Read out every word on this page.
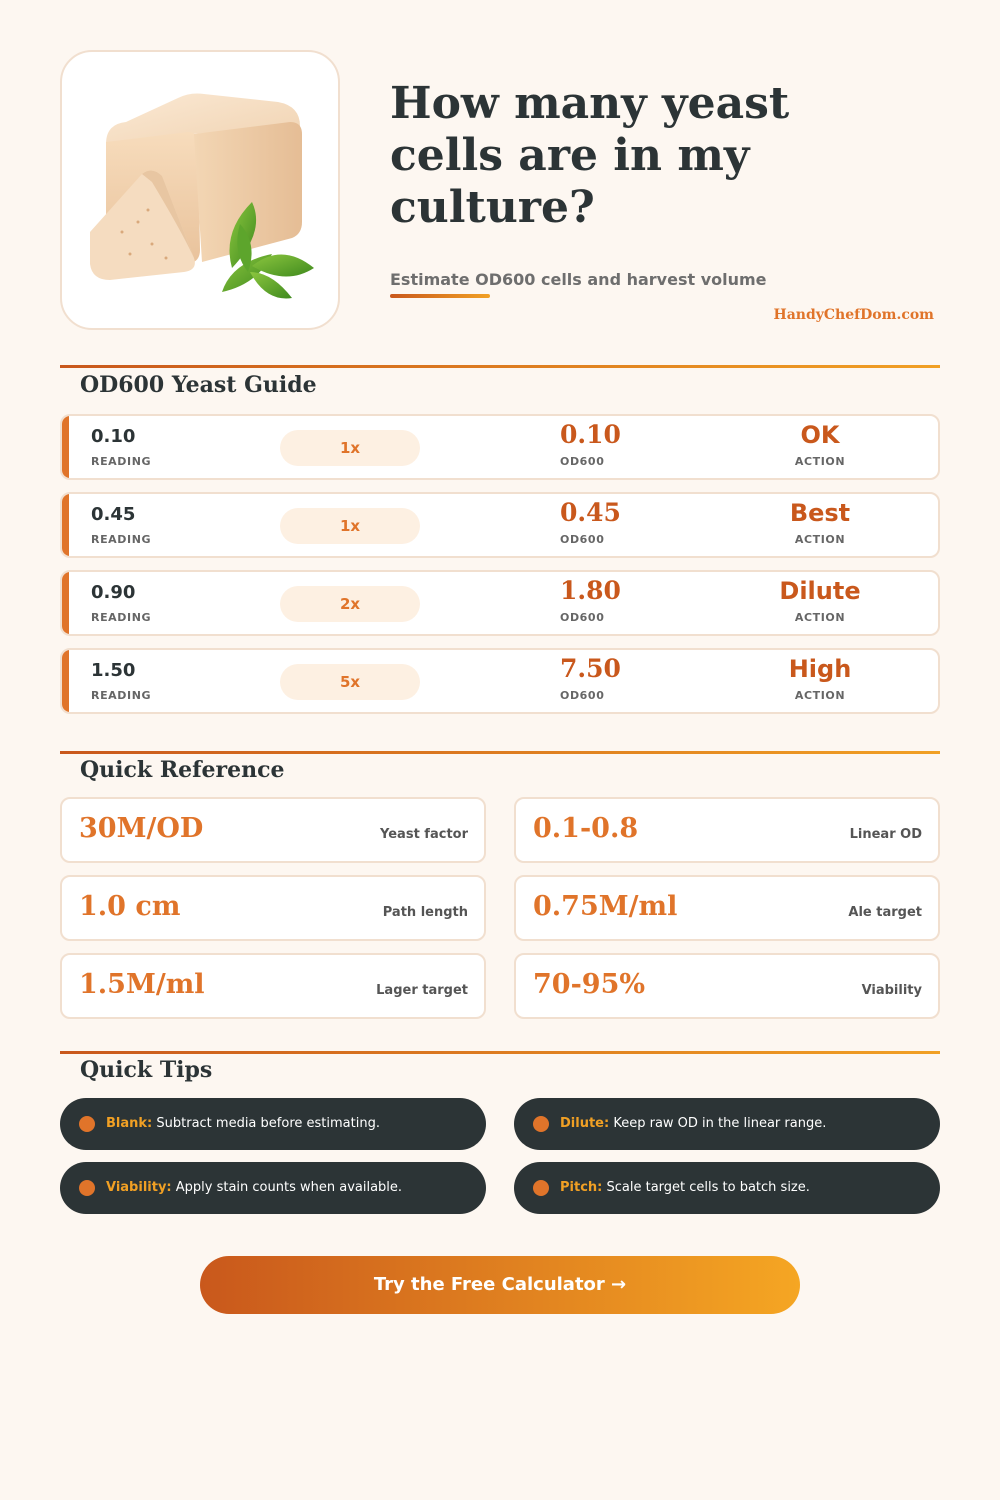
How many yeast cells are in my culture?
Estimate OD600 cells and harvest volume
HandyChefDom.com
OD600 Yeast Guide
0.10
READING
1x	0.10
OD600
OK
ACTION
0.45
READING
1x	0.45
OD600
Best
ACTION
0.90
READING
2x	1.80
OD600
Dilute
ACTION
1.50
READING
5x	7.50
OD600
High
ACTION
Quick Reference
30M/OD	Yeast factor 0.1-0.8	Linear OD
1.0 cm	Path length 0.75M/ml	Ale target
1.5M/ml	Lager target 70-95%	Viability
Quick Tips
Blank: Subtract media before estimating.	Dilute: Keep raw OD in the linear range.
Viability: Apply stain counts when available.	Pitch: Scale target cells to batch size.
Try the Free Calculator →
